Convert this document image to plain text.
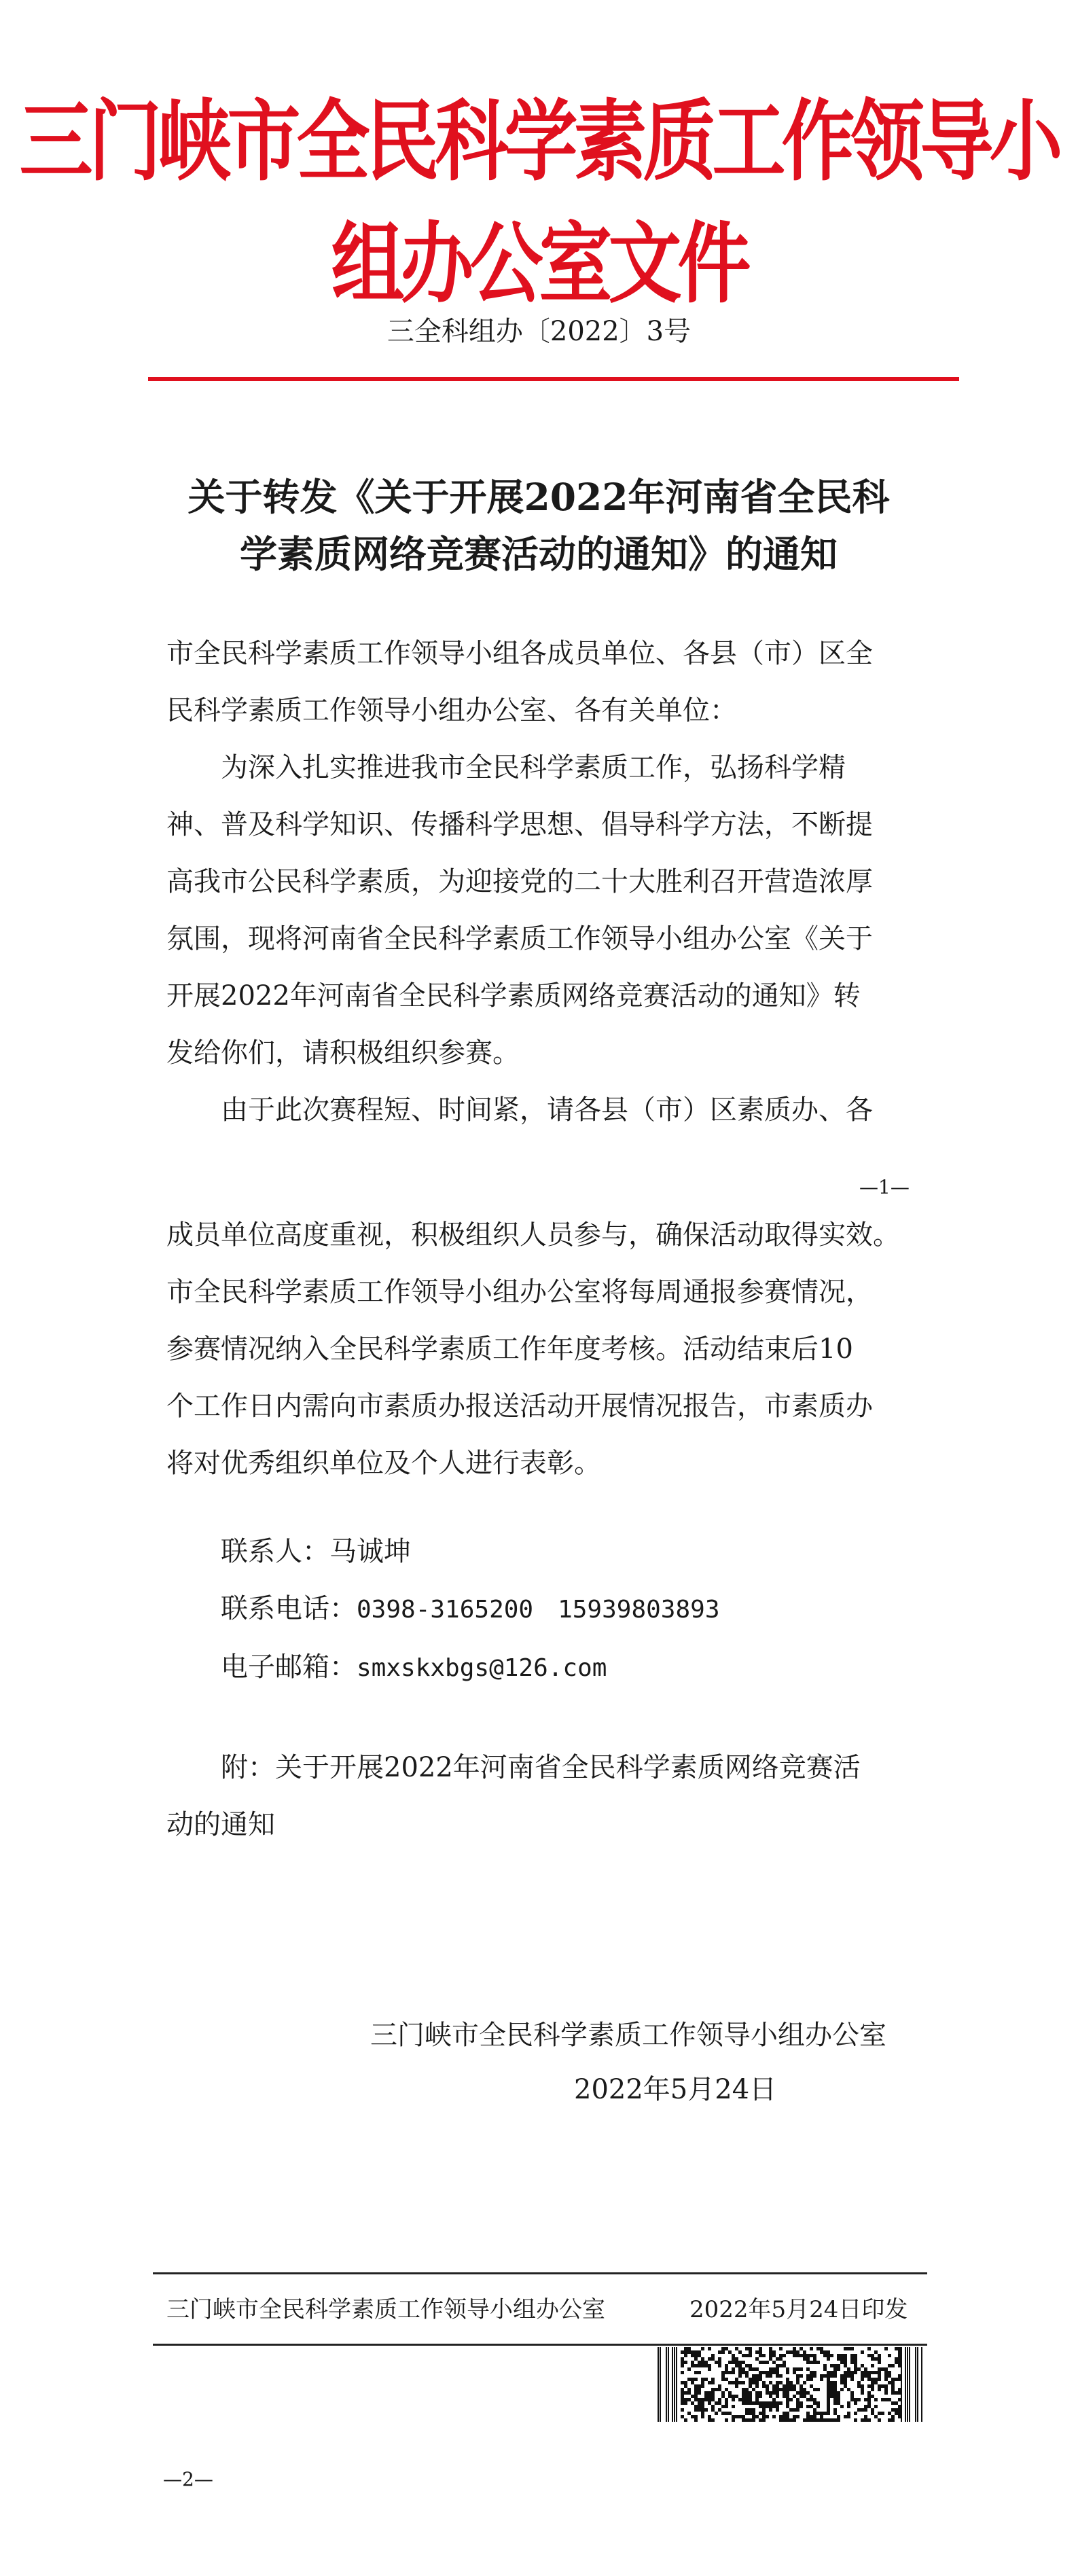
三门峡市全民科学素质工作领导小组办公室文件
三全科组办〔2022〕3号
关于转发《关于开展2022年河南省全民科
学素质网络竞赛活动的通知》的通知
市全民科学素质工作领导小组各成员单位、各县（市）区全
民科学素质工作领导小组办公室、各有关单位：
为深入扎实推进我市全民科学素质工作，弘扬科学精
神、普及科学知识、传播科学思想、倡导科学方法，不断提
高我市公民科学素质，为迎接党的二十大胜利召开营造浓厚
氛围，现将河南省全民科学素质工作领导小组办公室《关于
开展2022年河南省全民科学素质网络竞赛活动的通知》转
发给你们，请积极组织参赛。
由于此次赛程短、时间紧，请各县（市）区素质办、各
—1—
成员单位高度重视，积极组织人员参与，确保活动取得实效。
市全民科学素质工作领导小组办公室将每周通报参赛情况，
参赛情况纳入全民科学素质工作年度考核。活动结束后10
个工作日内需向市素质办报送活动开展情况报告，市素质办
将对优秀组织单位及个人进行表彰。
联系人：马诚坤
联系电话：0398-3165200　15939803893
电子邮箱：smxskxbgs@126.com
附：关于开展2022年河南省全民科学素质网络竞赛活
动的通知
三门峡市全民科学素质工作领导小组办公室
2022年5月24日
三门峡市全民科学素质工作领导小组办公室	2022年5月24日印发
—2—
